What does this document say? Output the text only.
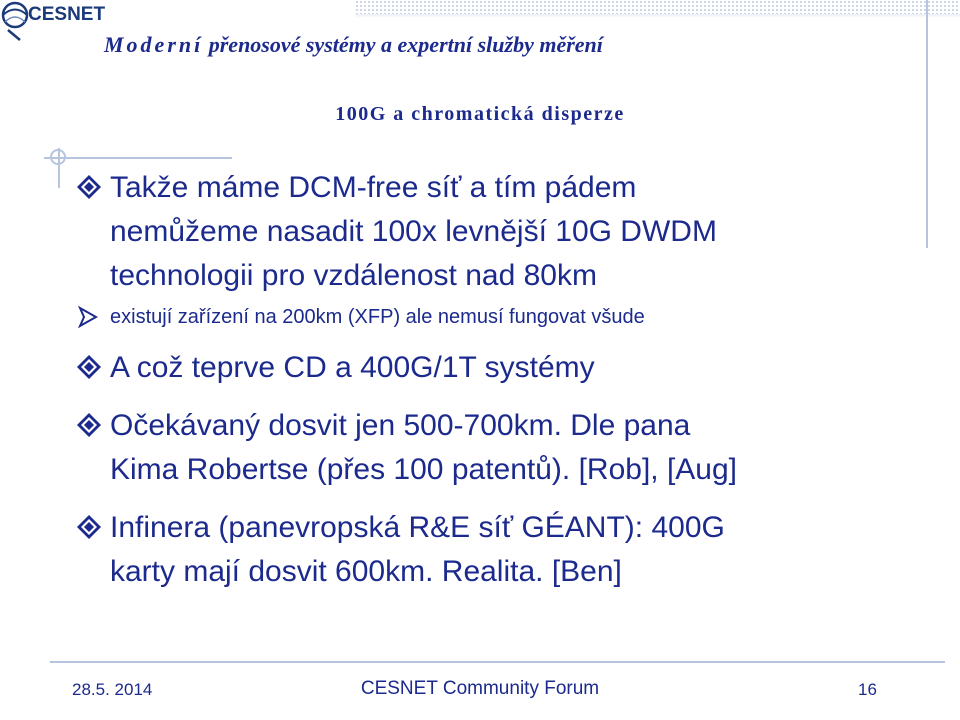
CESNET
Moderní přenosové systémy a expertní služby měření
100G a chromatická disperze
Takže máme DCM-free síť a tím pádem
nemůžeme nasadit 100x levnější 10G DWDM
technologii pro vzdálenost nad 80km
existují zařízení na 200km (XFP) ale nemusí fungovat všude
A což teprve CD a 400G/1T systémy
Očekávaný dosvit jen 500-700km. Dle pana
Kima Robertse (přes 100 patentů). [Rob], [Aug]
Infinera (panevropská R&E síť GÉANT): 400G
karty mají dosvit 600km. Realita. [Ben]
28.5. 2014	CESNET Community Forum	16
